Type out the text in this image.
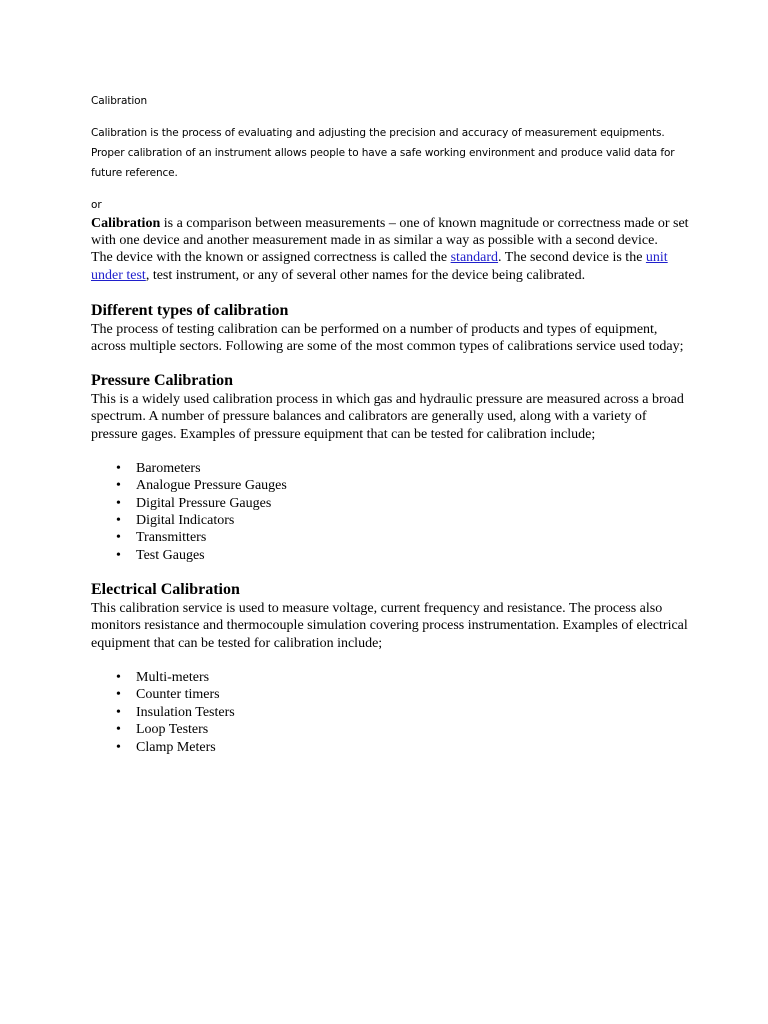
Calibration

Calibration is the process of evaluating and adjusting the precision and accuracy of measurement equipments. Proper calibration of an instrument allows people to have a safe working environment and produce valid data for future reference.

or

Calibration is a comparison between measurements – one of known magnitude or correctness made or set with one device and another measurement made in as similar a way as possible with a second device.

The device with the known or assigned correctness is called the standard. The second device is the unit under test, test instrument, or any of several other names for the device being calibrated.

Different types of calibration

The process of testing calibration can be performed on a number of products and types of equipment, across multiple sectors. Following are some of the most common types of calibrations service used today;

Pressure Calibration

This is a widely used calibration process in which gas and hydraulic pressure are measured across a broad spectrum. A number of pressure balances and calibrators are generally used, along with a variety of pressure gages. Examples of pressure equipment that can be tested for calibration include;

• Barometers
• Analogue Pressure Gauges
• Digital Pressure Gauges
• Digital Indicators
• Transmitters
• Test Gauges
Electrical Calibration

This calibration service is used to measure voltage, current frequency and resistance. The process also monitors resistance and thermocouple simulation covering process instrumentation. Examples of electrical equipment that can be tested for calibration include;

• Multi-meters
• Counter timers
• Insulation Testers
• Loop Testers
• Clamp Meters
